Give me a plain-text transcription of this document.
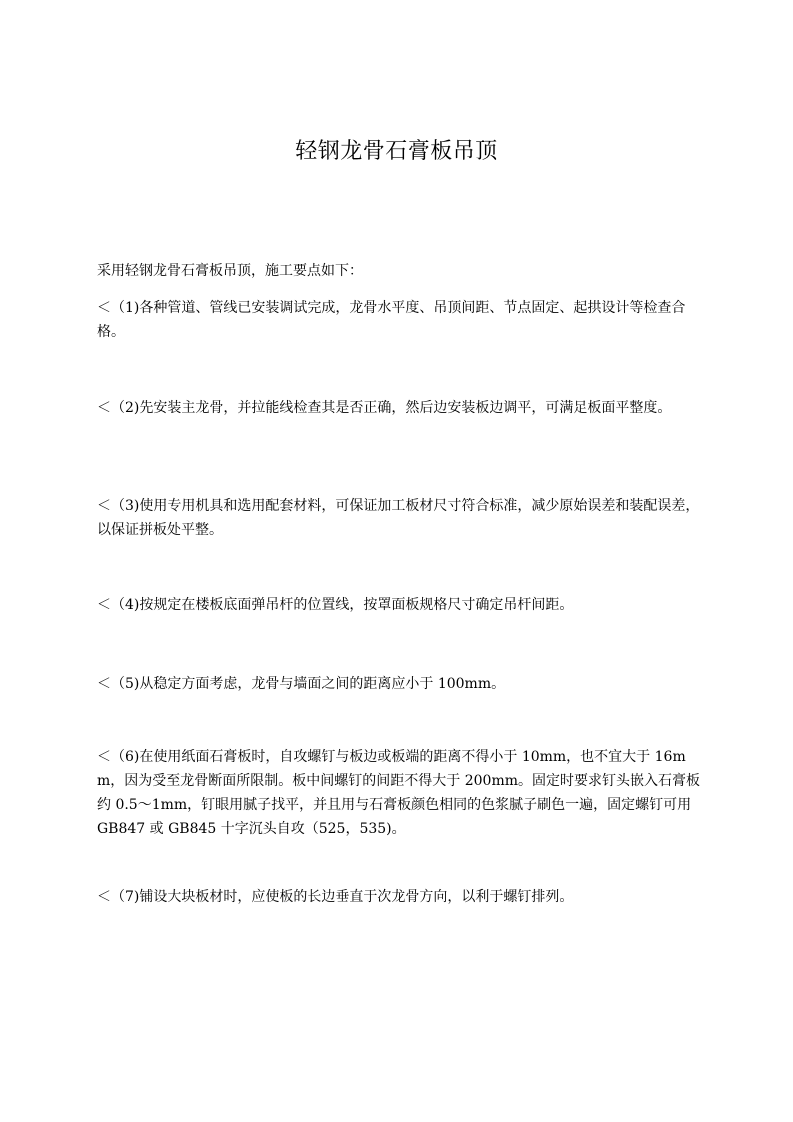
轻钢龙骨石膏板吊顶

采用轻钢龙骨石膏板吊顶，施工要点如下：

＜（1)各种管道、管线已安装调试完成，龙骨水平度、吊顶间距、节点固定、起拱设计等检查合格。

＜（2)先安装主龙骨，并拉能线检查其是否正确，然后边安装板边调平，可满足板面平整度。

＜（3)使用专用机具和选用配套材料，可保证加工板材尺寸符合标准，减少原始误差和装配误差，以保证拼板处平整。

＜（4)按规定在楼板底面弹吊杆的位置线，按罩面板规格尺寸确定吊杆间距。

＜（5)从稳定方面考虑，龙骨与墙面之间的距离应小于 100mm。

＜（6)在使用纸面石膏板时，自攻螺钉与板边或板端的距离不得小于 10mm，也不宜大于 16mm，因为受至龙骨断面所限制。板中间螺钉的间距不得大于 200mm。固定时要求钉头嵌入石膏板约 0.5～1mm，钉眼用腻子找平，并且用与石膏板颜色相同的色浆腻子刷色一遍，固定螺钉可用 GB847 或 GB845 十字沉头自攻（525，535)。

＜（7)铺设大块板材时，应使板的长边垂直于次龙骨方向，以利于螺钉排列。
